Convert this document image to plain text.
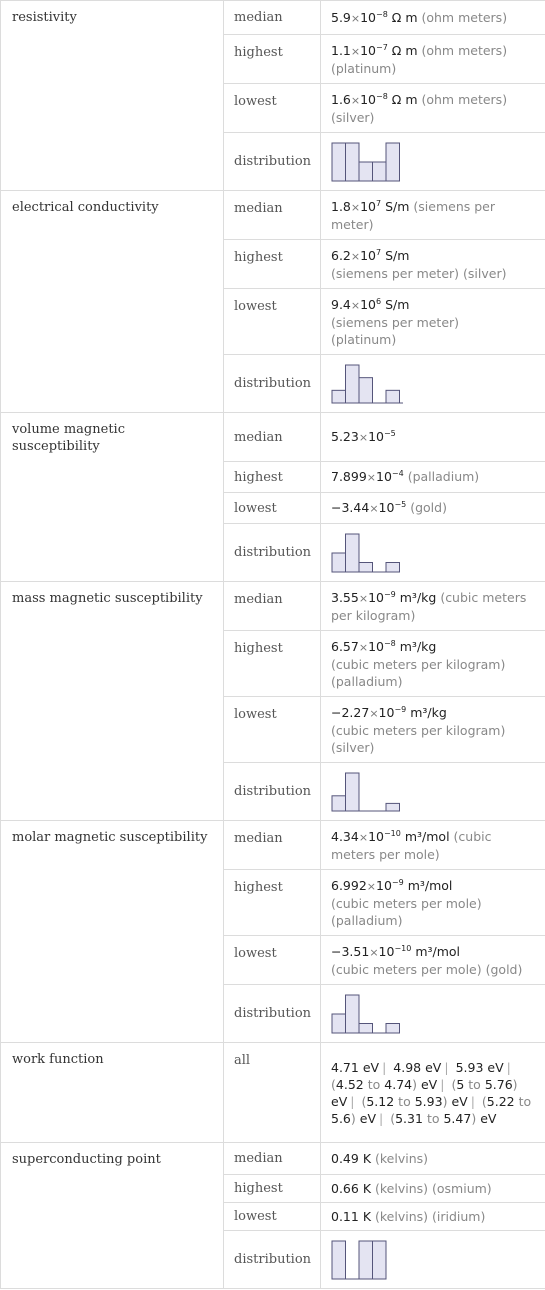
resistivity	median	$5.9\times 10^{-8}$ Ω m (ohm meters)
	highest	$1.1\times 10^{-7}$ Ω m (ohm meters) (platinum)
	lowest	$1.6\times 10^{-8}$ Ω m (ohm meters) (silver)
	distribution	

electrical conductivity	median	$1.8\times 10^7$ S/m (siemens per meter)
	highest	$6.2\times 10^7$ S/m
(siemens per meter) (silver)
	lowest	$9.4\times 10^6$ S/m
(siemens per meter)
(platinum)
	distribution	

volume magnetic susceptibility	median	$5.23\times 10^{-5}$
	highest	$7.899\times 10^{-4}$ (palladium)
	lowest	$-3.44\times 10^{-5}$ (gold)
	distribution	

mass magnetic susceptibility	median	$3.55\times 10^{-9}$ m³/kg (cubic meters per kilogram)
	highest	$6.57\times 10^{-8}$ m³/kg
(cubic meters per kilogram)
(palladium)
	lowest	$-2.27\times 10^{-9}$ m³/kg
(cubic meters per kilogram)
(silver)
	distribution	

molar magnetic susceptibility	median	$4.34\times 10^{-10}$ m³/mol (cubic meters per mole)
	highest	$6.992\times 10^{-9}$ m³/mol
(cubic meters per mole)
(palladium)
	lowest	$-3.51\times 10^{-10}$ m³/mol
(cubic meters per mole) (gold)
	distribution	

work function	all	4.71 eV | 4.98 eV | 5.93 eV | (4.52 to 4.74) eV | (5 to 5.76) eV | (5.12 to 5.93) eV | (5.22 to 5.6) eV | (5.31 to 5.47) eV
superconducting point	median	0.49 K (kelvins)
	highest	0.66 K (kelvins) (osmium)
	lowest	0.11 K (kelvins) (iridium)
	distribution	
